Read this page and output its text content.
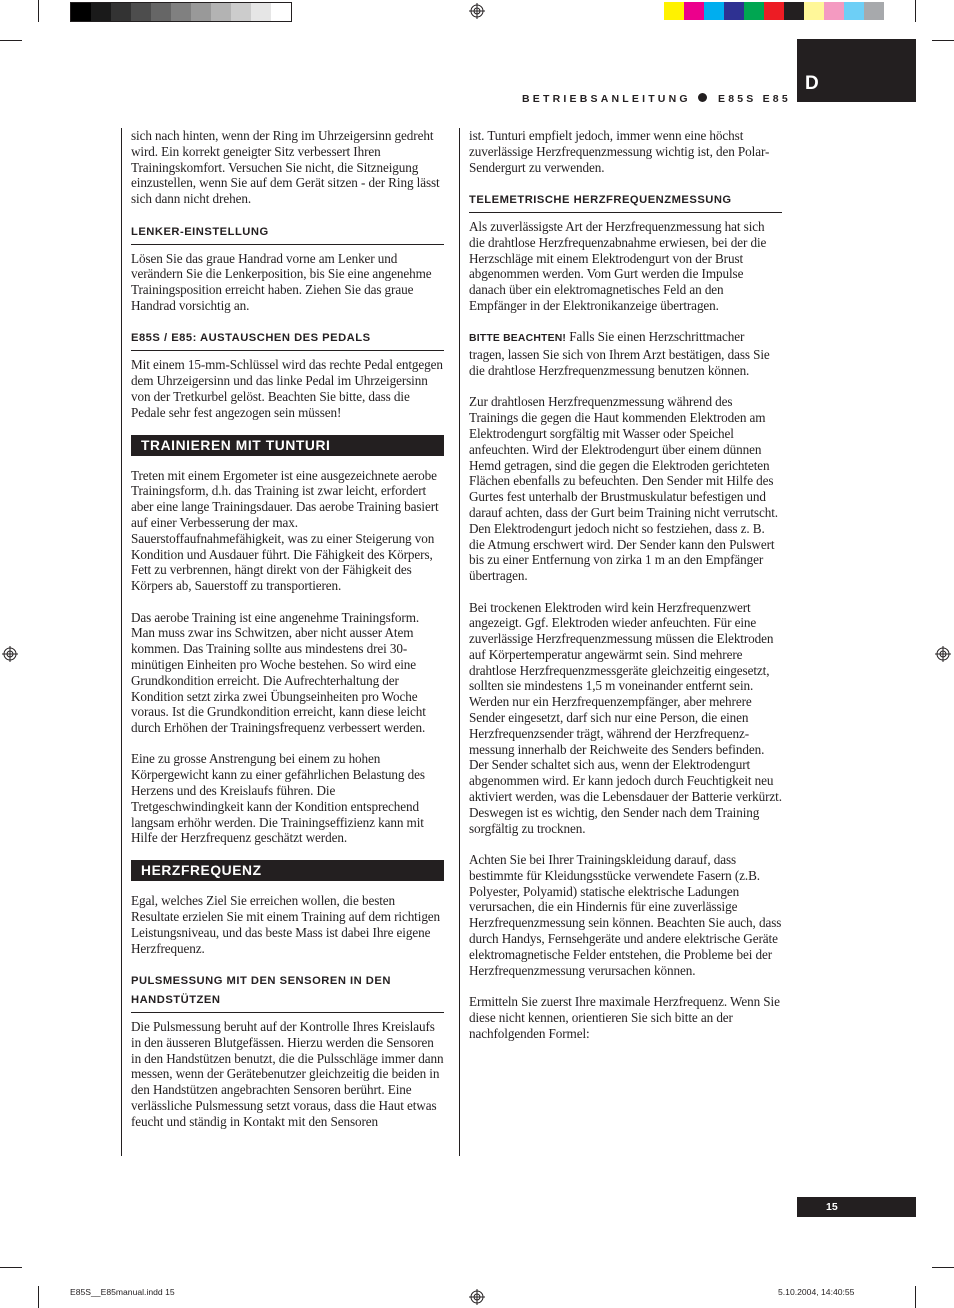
BETRIEBSANLEITUNG	E85S E85
D

sich nach hinten, wenn der Ring im Uhrzeigersinn gedreht wird. Ein korrekt geneigter Sitz verbessert Ihren Trainingskomfort. Versuchen Sie nicht, die Sitzneigung einzustellen, wenn Sie auf dem Gerät sitzen - der Ring lässt sich dann nicht drehen.

LENKER-EINSTELLUNG

Lösen Sie das graue Handrad vorne am Lenker und verändern Sie die Lenkerposition, bis Sie eine angenehme Trainingsposition erreicht haben. Ziehen Sie das graue Handrad vorsichtig an.

E85S / E85: AUSTAUSCHEN DES PEDALS

Mit einem 15-mm-Schlüssel wird das rechte Pedal entgegen dem Uhrzeigersinn und das linke Pedal im Uhrzeigersinn von der Tretkurbel gelöst. Beachten Sie bitte, dass die Pedale sehr fest angezogen sein müssen!

TRAINIEREN MIT TUNTURI

Treten mit einem Ergometer ist eine ausgezeichnete aerobe Trainingsform, d.h. das Training ist zwar leicht, erfordert aber eine lange Trainingsdauer. Das aerobe Training basiert auf einer Verbesserung der max. Sauerstoffaufnahmefähigkeit, was zu einer Steigerung von Kondition und Ausdauer führt. Die Fähigkeit des Körpers, Fett zu verbrennen, hängt direkt von der Fähigkeit des Körpers ab, Sauerstoff zu transportieren.

Das aerobe Training ist eine angenehme Trainingsform. Man muss zwar ins Schwitzen, aber nicht ausser Atem kommen. Das Training sollte aus mindestens drei 30-minütigen Einheiten pro Woche bestehen. So wird eine Grundkondition erreicht. Die Aufrechterhaltung der Kondition setzt zirka zwei Übungseinheiten pro Woche voraus. Ist die Grundkondition erreicht, kann diese leicht durch Erhöhen der Trainingsfrequenz verbessert werden.

Eine zu grosse Anstrengung bei einem zu hohen Körpergewicht kann zu einer gefährlichen Belastung des Herzens und des Kreislaufs führen. Die Tretgeschwindingkeit kann der Kondition entsprechend langsam erhöhr werden. Die Trainingseffizienz kann mit Hilfe der Herzfrequenz geschätzt werden.

HERZFREQUENZ

Egal, welches Ziel Sie erreichen wollen, die besten Resultate erzielen Sie mit einem Training auf dem richtigen Leistungsniveau, und das beste Mass ist dabei Ihre eigene Herzfrequenz.

PULSMESSUNG MIT DEN SENSOREN IN DEN HANDSTÜTZEN

Die Pulsmessung beruht auf der Kontrolle Ihres Kreislaufs in den äusseren Blutgefässen. Hierzu werden die Sensoren in den Handstützen benutzt, die die Pulsschläge immer dann messen, wenn der Gerätebenutzer gleichzeitig die beiden in den Handstützen angebrachten Sensoren berührt. Eine verlässliche Pulsmessung setzt voraus, dass die Haut etwas feucht und ständig in Kontakt mit den Sensoren

ist. Tunturi empfielt jedoch, immer wenn eine höchst zuverlässige Herzfrequenzmessung wichtig ist, den Polar-Sendergurt zu verwenden.

TELEMETRISCHE HERZFREQUENZMESSUNG

Als zuverlässigste Art der Herzfrequenzmessung hat sich die drahtlose Herzfrequenzabnahme erwiesen, bei der die Herzschläge mit einem Elektrodengurt von der Brust abgenommen werden. Vom Gurt werden die Impulse danach über ein elektromagnetisches Feld an den Empfänger in der Elektronikanzeige übertragen.

BITTE BEACHTEN! Falls Sie einen Herzschrittmacher tragen, lassen Sie sich von Ihrem Arzt bestätigen, dass Sie die drahtlose Herzfrequenzmessung benutzen können.

Zur drahtlosen Herzfrequenzmessung während des Trainings die gegen die Haut kommenden Elektroden am Elektrodengurt sorgfältig mit Wasser oder Speichel anfeuchten. Wird der Elektrodengurt über einem dünnen Hemd getragen, sind die gegen die Elektroden gerichteten Flächen ebenfalls zu befeuchten. Den Sender mit Hilfe des Gurtes fest unterhalb der Brustmuskulatur befestigen und darauf achten, dass der Gurt beim Training nicht verrutscht. Den Elektrodengurt jedoch nicht so festziehen, dass z. B. die Atmung erschwert wird. Der Sender kann den Pulswert bis zu einer Entfernung von zirka 1 m an den Empfänger übertragen.

Bei trockenen Elektroden wird kein Herzfrequenzwert angezeigt. Ggf. Elektroden wieder anfeuchten. Für eine zuverlässige Herzfrequenzmessung müssen die Elektroden auf Körpertemperatur angewärmt sein. Sind mehrere drahtlose Herzfrequenzmessgeräte gleichzeitig eingesetzt, sollten sie mindestens 1,5 m voneinander entfernt sein. Werden nur ein Herzfrequenzempfänger, aber mehrere Sender eingesetzt, darf sich nur eine Person, die einen Herzfrequenzsender trägt, während der Herzfrequenz-messung innerhalb der Reichweite des Senders befinden. Der Sender schaltet sich aus, wenn der Elektrodengurt abgenommen wird. Er kann jedoch durch Feuchtigkeit neu aktiviert werden, was die Lebensdauer der Batterie verkürzt. Deswegen ist es wichtig, den Sender nach dem Training sorgfältig zu trocknen.

Achten Sie bei Ihrer Trainingskleidung darauf, dass bestimmte für Kleidungsstücke verwendete Fasern (z.B. Polyester, Polyamid) statische elektrische Ladungen verursachen, die ein Hindernis für eine zuverlässige Herzfrequenzmessung sein können. Beachten Sie auch, dass durch Handys, Fernsehgeräte und andere elektrische Geräte elektromagnetische Felder entstehen, die Probleme bei der Herzfrequenzmessung verursachen können.

Ermitteln Sie zuerst Ihre maximale Herzfrequenz. Wenn Sie diese nicht kennen, orientieren Sie sich bitte an der nachfolgenden Formel:

15
E85S__E85manual.indd 15	5.10.2004, 14:40:55
